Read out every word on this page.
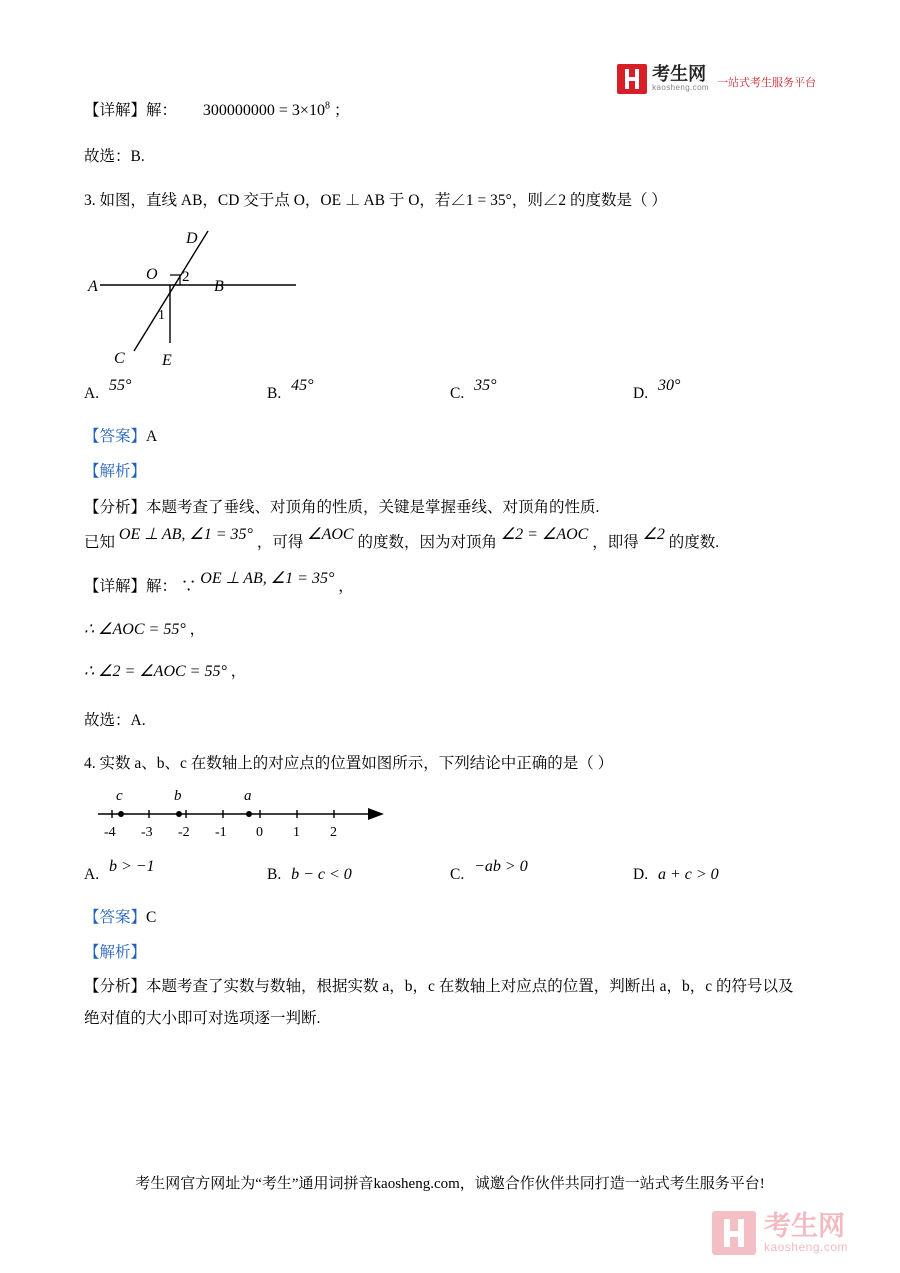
考生网
kaosheng.com 一站式考生服务平台

【详解】解： $300000000 = 3\times 10^8$ ；

故选：B.

3. 如图，直线 AB，CD 交于点 O，OE ⊥ AB 于 O，若∠1 = 35°，则∠2 的度数是（ ）

D
A
O 2
B
1
C E
A. 55°	B. 45°	C. 35°	D. 30°

【答案】A

【解析】

【分析】本题考查了垂线、对顶角的性质，关键是掌握垂线、对顶角的性质.

已知 OE ⊥ AB, ∠1 = 35° ，可得 ∠AOC 的度数，因为对顶角 ∠2 = ∠AOC ，即得 ∠2 的度数.

【详解】解： ∵ OE ⊥ AB, ∠1 = 35° ，

∴ ∠AOC = 55° ，

∴ ∠2 = ∠AOC = 55° ，

故选：A.

4. 实数 a、b、c 在数轴上的对应点的位置如图所示，下列结论中正确的是（ ）

-4 -3 -2 -1 0 1 2
c	b	a
A. b > −1	B. b − c < 0	C. −ab > 0	D. a + c > 0

【答案】C

【解析】

【分析】本题考查了实数与数轴，根据实数 a，b，c 在数轴上对应点的位置，判断出 a，b，c 的符号以及

绝对值的大小即可对选项逐一判断.

考生网官方网址为“考生”通用词拼音kaosheng.com，诚邀合作伙伴共同打造一站式考生服务平台!
考生网
kaosheng.com
